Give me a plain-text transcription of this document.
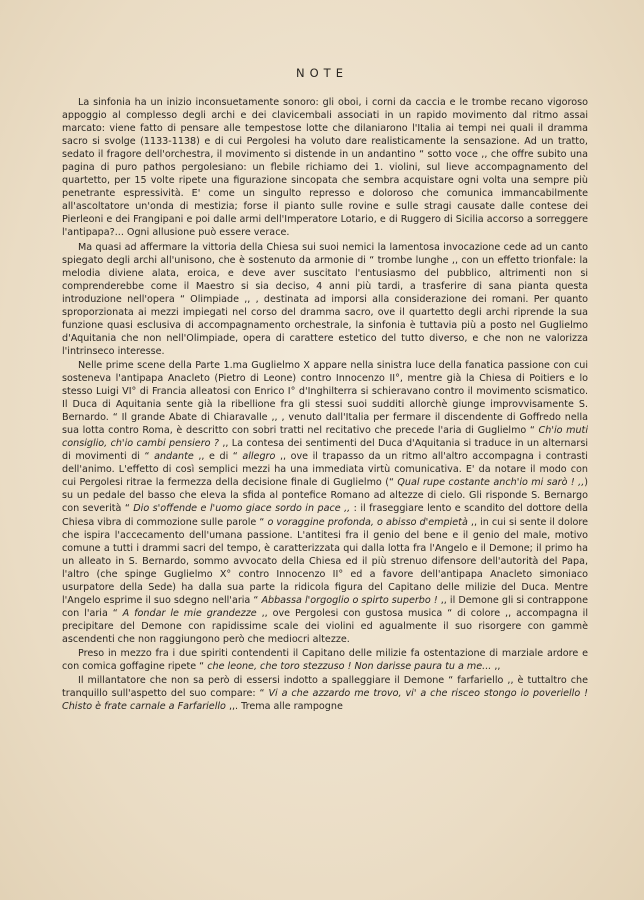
NOTE

La sinfonia ha un inizio inconsuetamente sonoro: gli oboi, i corni da caccia e le trombe recano vigoroso appoggio al complesso degli archi e dei clavicembali associati in un rapido movimento dal ritmo assai marcato: viene fatto di pensare alle tempestose lotte che dilaniarono l'Italia ai tempi nei quali il dramma sacro si svolge (1133-1138) e di cui Pergolesi ha voluto dare realisticamente la sensazione. Ad un tratto, sedato il fragore dell'orchestra, il movimento si distende in un andantino “ sotto voce ,, che offre subito una pagina di puro pathos pergolesiano: un flebile richiamo dei 1. violini, sul lieve accompagnamento del quartetto, per 15 volte ripete una figurazione sincopata che sembra acquistare ogni volta una sempre più penetrante espressività. E' come un singulto represso e doloroso che comunica immancabilmente all'ascoltatore un'onda di mestizia; forse il pianto sulle rovine e sulle stragi causate dalle contese dei Pierleoni e dei Frangipani e poi dalle armi dell'Imperatore Lotario, e di Ruggero di Sicilia accorso a sorreggere l'antipapa?... Ogni allusione può essere verace.

Ma quasi ad affermare la vittoria della Chiesa sui suoi nemici la lamentosa invocazione cede ad un canto spiegato degli archi all'unisono, che è sostenuto da armonie di “ trombe lunghe ,, con un effetto trionfale: la melodia diviene alata, eroica, e deve aver suscitato l'entusiasmo del pubblico, altrimenti non si comprenderebbe come il Maestro si sia deciso, 4 anni più tardi, a trasferire di sana pianta questa introduzione nell'opera “ Olimpiade ,, , destinata ad imporsi alla considerazione dei romani. Per quanto sproporzionata ai mezzi impiegati nel corso del dramma sacro, ove il quartetto degli archi riprende la sua funzione quasi esclusiva di accompagnamento orchestrale, la sinfonia è tuttavia più a posto nel Guglielmo d'Aquitania che non nell'Olimpiade, opera di carattere estetico del tutto diverso, e che non ne valorizza l'intrinseco interesse.

Nelle prime scene della Parte 1.ma Guglielmo X appare nella sinistra luce della fanatica passione con cui sosteneva l'antipapa Anacleto (Pietro di Leone) contro Innocenzo II°, mentre già la Chiesa di Poitiers e lo stesso Luigi VI° di Francia alleatosi con Enrico I° d'Inghilterra si schieravano contro il movimento scismatico. Il Duca di Aquitania sente già la ribellione fra gli stessi suoi sudditi allorchè giunge improvvisamente S. Bernardo. “ Il grande Abate di Chiaravalle ,, , venuto dall'Italia per fermare il discendente di Goffredo nella sua lotta contro Roma, è descritto con sobri tratti nel recitativo che precede l'aria di Guglielmo “ Ch'io muti consiglio, ch'io cambi pensiero ? ,, La contesa dei sentimenti del Duca d'Aquitania si traduce in un alternarsi di movimenti di “ andante ,, e di “ allegro ,, ove il trapasso da un ritmo all'altro accompagna i contrasti dell'animo. L'effetto di così semplici mezzi ha una immediata virtù comunicativa. E' da notare il modo con cui Pergolesi ritrae la fermezza della decisione finale di Guglielmo (“ Qual rupe costante anch'io mi sarò ! ,,) su un pedale del basso che eleva la sfida al pontefice Romano ad altezze di cielo. Gli risponde S. Bernargo con severità “ Dio s'offende e l'uomo giace sordo in pace ,, : il fraseggiare lento e scandito del dottore della Chiesa vibra di commozione sulle parole “ o voraggine profonda, o abisso d'empietà ,, in cui si sente il dolore che ispira l'accecamento dell'umana passione. L'antitesi fra il genio del bene e il genio del male, motivo comune a tutti i drammi sacri del tempo, è caratterizzata qui dalla lotta fra l'Angelo e il Demone; il primo ha un alleato in S. Bernardo, sommo avvocato della Chiesa ed il più strenuo difensore dell'autorità del Papa, l'altro (che spinge Guglielmo X° contro Innocenzo II° ed a favore dell'antipapa Anacleto simoniaco usurpatore della Sede) ha dalla sua parte la ridicola figura del Capitano delle milizie del Duca. Mentre l'Angelo esprime il suo sdegno nell'aria “ Abbassa l'orgoglio o spirto superbo ! ,, il Demone gli si contrappone con l'aria “ A fondar le mie grandezze ,, ove Pergolesi con gustosa musica “ di colore ,, accompagna il precipitare del Demone con rapidissime scale dei violini ed agualmente il suo risorgere con gammè ascendenti che non raggiungono però che mediocri altezze.

Preso in mezzo fra i due spiriti contendenti il Capitano delle milizie fa ostentazione di marziale ardore e con comica goffagine ripete “ che leone, che toro stezzuso ! Non darisse paura tu a me... ,,

Il millantatore che non sa però di essersi indotto a spalleggiare il Demone “ farfariello ,, è tuttaltro che tranquillo sull'aspetto del suo compare: “ Vi a che azzardo me trovo, vi' a che risceo stongo io poveriello ! Chisto è frate carnale a Farfariello ,,. Trema alle rampogne
